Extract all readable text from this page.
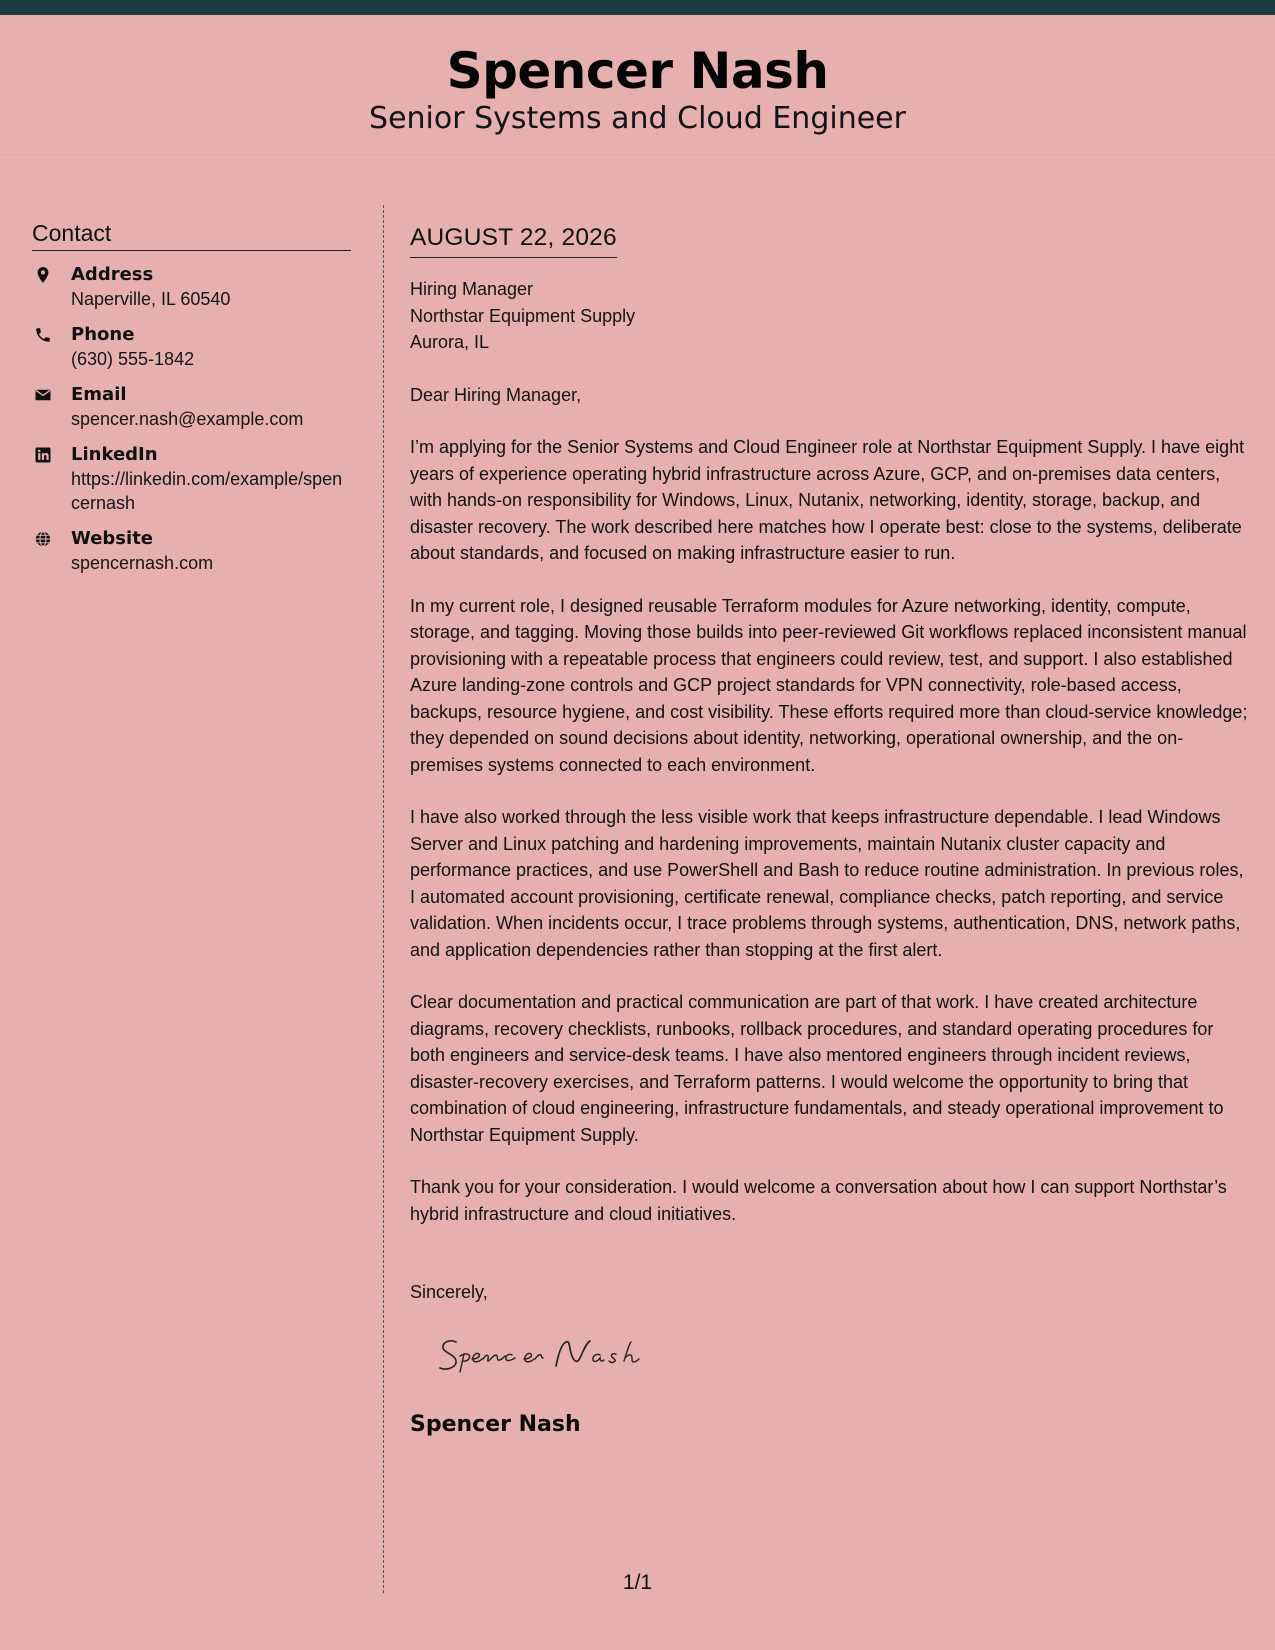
Spencer Nash
Senior Systems and Cloud Engineer
Contact
Address
Naperville, IL 60540
Phone
(630) 555-1842
Email
spencer.nash@example.com
LinkedIn
https://linkedin.com/example/spencernash
Website
spencernash.com
AUGUST 22, 2026
Hiring Manager
Northstar Equipment Supply
Aurora, IL
Dear Hiring Manager,
I’m applying for the Senior Systems and Cloud Engineer role at Northstar Equipment Supply. I have eight years of experience operating hybrid infrastructure across Azure, GCP, and on-premises data centers, with hands-on responsibility for Windows, Linux, Nutanix, networking, identity, storage, backup, and disaster recovery. The work described here matches how I operate best: close to the systems, deliberate about standards, and focused on making infrastructure easier to run.
In my current role, I designed reusable Terraform modules for Azure networking, identity, compute, storage, and tagging. Moving those builds into peer-reviewed Git workflows replaced inconsistent manual provisioning with a repeatable process that engineers could review, test, and support. I also established Azure landing-zone controls and GCP project standards for VPN connectivity, role-based access, backups, resource hygiene, and cost visibility. These efforts required more than cloud-service knowledge; they depended on sound decisions about identity, networking, operational ownership, and the on-premises systems connected to each environment.
I have also worked through the less visible work that keeps infrastructure dependable. I lead Windows Server and Linux patching and hardening improvements, maintain Nutanix cluster capacity and performance practices, and use PowerShell and Bash to reduce routine administration. In previous roles, I automated account provisioning, certificate renewal, compliance checks, patch reporting, and service validation. When incidents occur, I trace problems through systems, authentication, DNS, network paths, and application dependencies rather than stopping at the first alert.
Clear documentation and practical communication are part of that work. I have created architecture diagrams, recovery checklists, runbooks, rollback procedures, and standard operating procedures for both engineers and service-desk teams. I have also mentored engineers through incident reviews, disaster-recovery exercises, and Terraform patterns. I would welcome the opportunity to bring that combination of cloud engineering, infrastructure fundamentals, and steady operational improvement to Northstar Equipment Supply.
Thank you for your consideration. I would welcome a conversation about how I can support Northstar’s hybrid infrastructure and cloud initiatives.
Sincerely,
Spencer Nash
1/1
